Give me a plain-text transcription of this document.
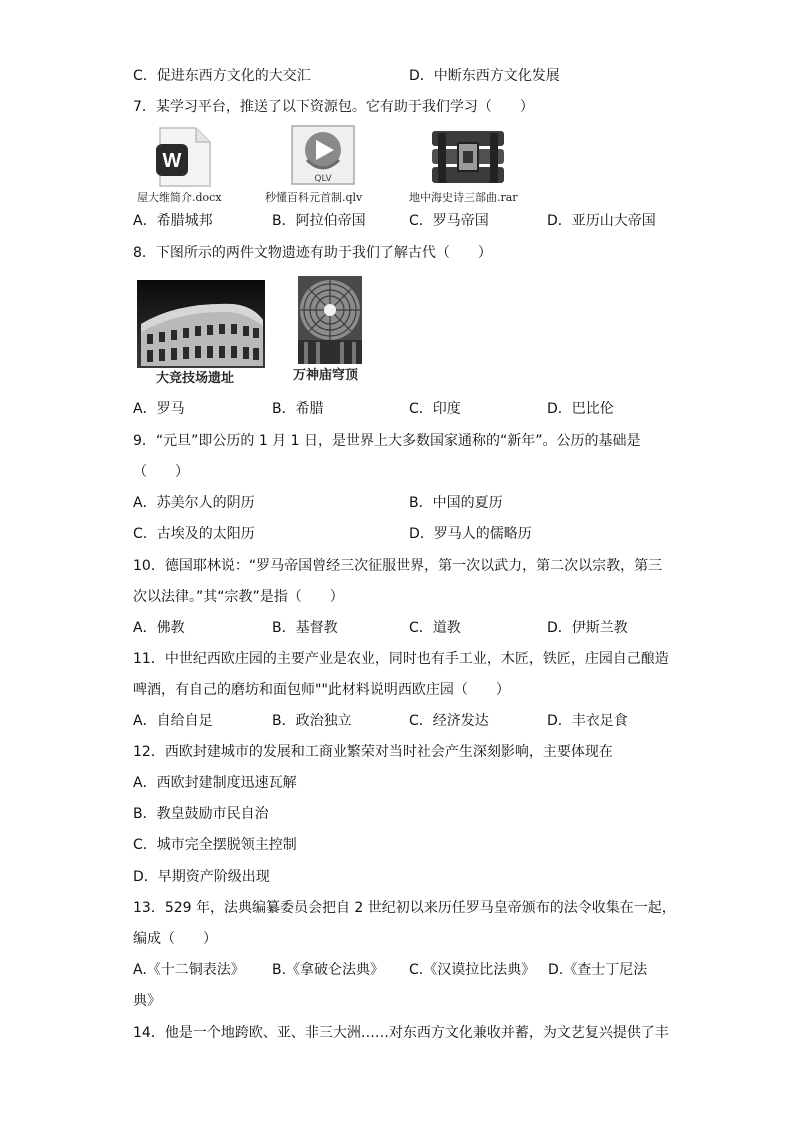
C．促进东西方文化的大交汇	D．中断东西方文化发展
7．某学习平台，推送了以下资源包。它有助于我们学习（　　）
W
屋大维简介.docx
QLV
秒懂百科元首制.qlv	地中海史诗三部曲.rar
A．希腊城邦	B．阿拉伯帝国	C．罗马帝国	D．亚历山大帝国
8．下图所示的两件文物遗迹有助于我们了解古代（　　）
大竞技场遗址	万神庙穹顶
A．罗马	B．希腊	C．印度	D．巴比伦
9．“元旦”即公历的 1 月 1 日，是世界上大多数国家通称的“新年”。公历的基础是
（　　）
A．苏美尔人的阴历	B．中国的夏历
C．古埃及的太阳历	D．罗马人的儒略历
10．德国耶林说：“罗马帝国曾经三次征服世界，第一次以武力，第二次以宗教，第三
次以法律。”其“宗教”是指（　　）
A．佛教	B．基督教	C．道教	D．伊斯兰教
11．中世纪西欧庄园的主要产业是农业，同时也有手工业，木匠，铁匠，庄园自己酿造
啤酒，有自己的磨坊和面包师""此材料说明西欧庄园（　　）
A．自给自足	B．政治独立	C．经济发达	D．丰衣足食
12．西欧封建城市的发展和工商业繁荣对当时社会产生深刻影响，主要体现在
A．西欧封建制度迅速瓦解
B．教皇鼓励市民自治
C．城市完全摆脱领主控制
D．早期资产阶级出现
13．529 年，法典编纂委员会把自 2 世纪初以来历任罗马皇帝颁布的法令收集在一起，
编成（　　）
A.《十二铜表法》 B.《拿破仑法典》 C.《汉谟拉比法典》 D.《查士丁尼法
典》
14．他是一个地跨欧、亚、非三大洲……对东西方文化兼收并蓄，为文艺复兴提供了丰
